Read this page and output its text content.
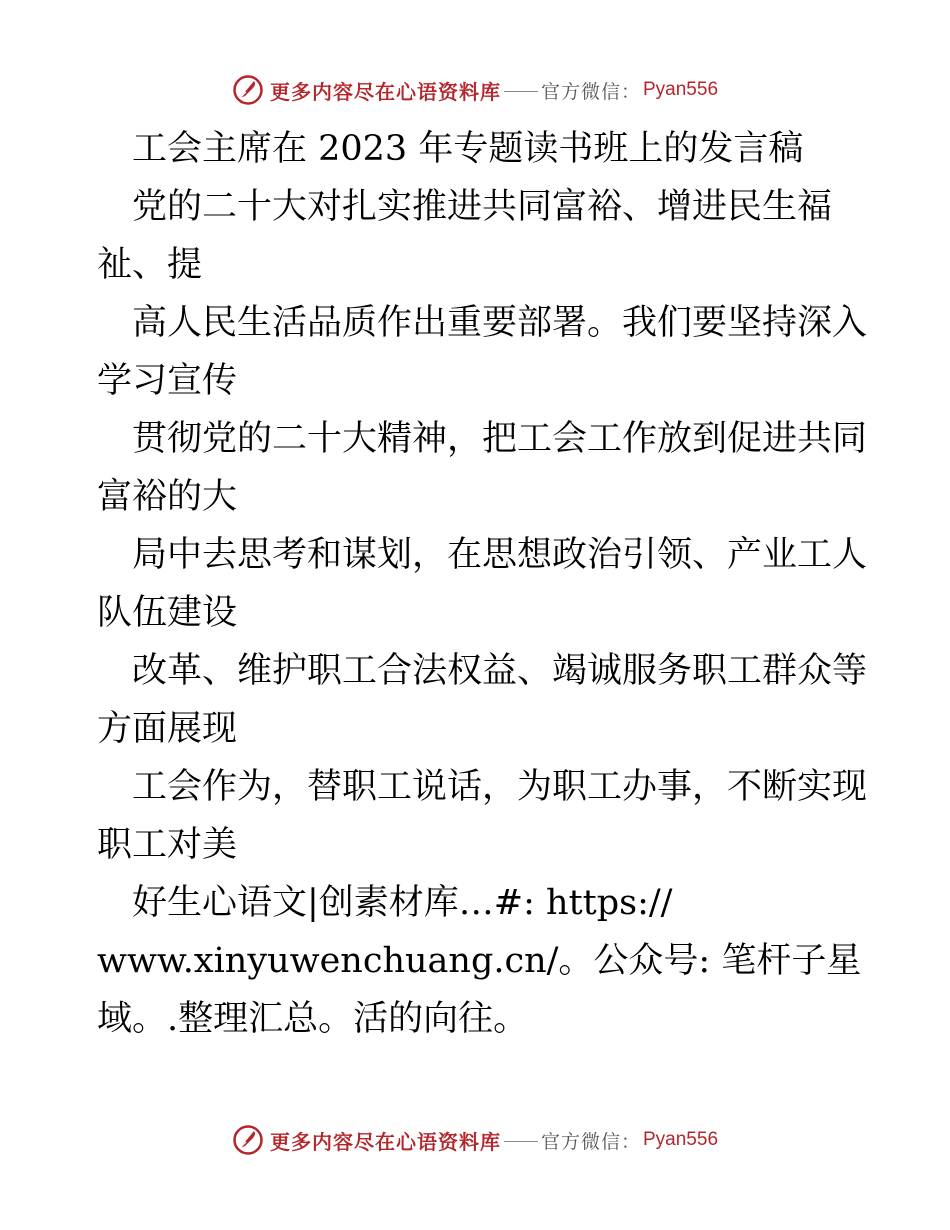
更多内容尽在心语资料库 官方微信： Pyan556

　工会主席在 2023 年专题读书班上的发言稿

　党的二十大对扎实推进共同富裕、增进民生福

祉、提

　高人民生活品质作出重要部署。我们要坚持深入

学习宣传

　贯彻党的二十大精神，把工会工作放到促进共同

富裕的大

　局中去思考和谋划，在思想政治引领、产业工人

队伍建设

　改革、维护职工合法权益、竭诚服务职工群众等

方面展现

　工会作为，替职工说话，为职工办事，不断实现

职工对美

　好生心语文|创素材库…#: https://

www.xinyuwenchuang.cn/。公众号: 笔杆子星

域。.整理汇总。活的向往。

更多内容尽在心语资料库 官方微信： Pyan556
